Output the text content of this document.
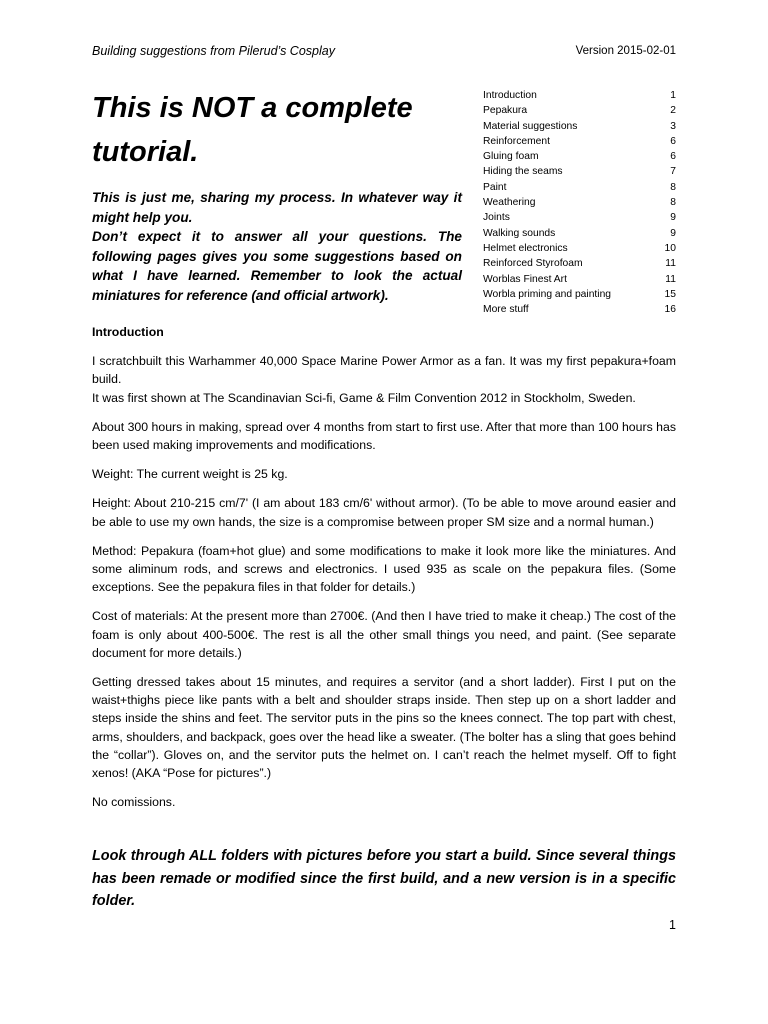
Building suggestions from Pilerud’s Cosplay	Version 2015-02-01
This is NOT a complete tutorial.

This is just me, sharing my process. In whatever way it might help you.

Don’t expect it to answer all your questions. The following pages gives you some suggestions based on what I have learned. Remember to look the actual miniatures for reference (and official artwork).

Introduction	1
Pepakura	2
Material suggestions	3
Reinforcement	6
Gluing foam	6
Hiding the seams	7
Paint	8
Weathering	8
Joints	9
Walking sounds	9
Helmet electronics	10
Reinforced Styrofoam	11
Worblas Finest Art	11
Worbla priming and painting	15
More stuff	16

Introduction

I scratchbuilt this Warhammer 40,000 Space Marine Power Armor as a fan. It was my first pepakura+foam build.

It was first shown at The Scandinavian Sci-fi, Game & Film Convention 2012 in Stockholm, Sweden.

About 300 hours in making, spread over 4 months from start to first use. After that more than 100 hours has been used making improvements and modifications.

Weight: The current weight is 25 kg.

Height: About 210-215 cm/7' (I am about 183 cm/6' without armor). (To be able to move around easier and be able to use my own hands, the size is a compromise between proper SM size and a normal human.)

Method: Pepakura (foam+hot glue) and some modifications to make it look more like the miniatures. And some aliminum rods, and screws and electronics. I used 935 as scale on the pepakura files. (Some exceptions. See the pepakura files in that folder for details.)

Cost of materials: At the present more than 2700€. (And then I have tried to make it cheap.) The cost of the foam is only about 400-500€. The rest is all the other small things you need, and paint. (See separate document for more details.)

Getting dressed takes about 15 minutes, and requires a servitor (and a short ladder). First I put on the waist+thighs piece like pants with a belt and shoulder straps inside. Then step up on a short ladder and steps inside the shins and feet. The servitor puts in the pins so the knees connect. The top part with chest, arms, shoulders, and backpack, goes over the head like a sweater. (The bolter has a sling that goes behind the “collar”). Gloves on, and the servitor puts the helmet on. I can’t reach the helmet myself. Off to fight xenos! (AKA “Pose for pictures”.)

No comissions.

Look through ALL folders with pictures before you start a build. Since several things has been remade or modified since the first build, and a new version is in a specific folder.
1
